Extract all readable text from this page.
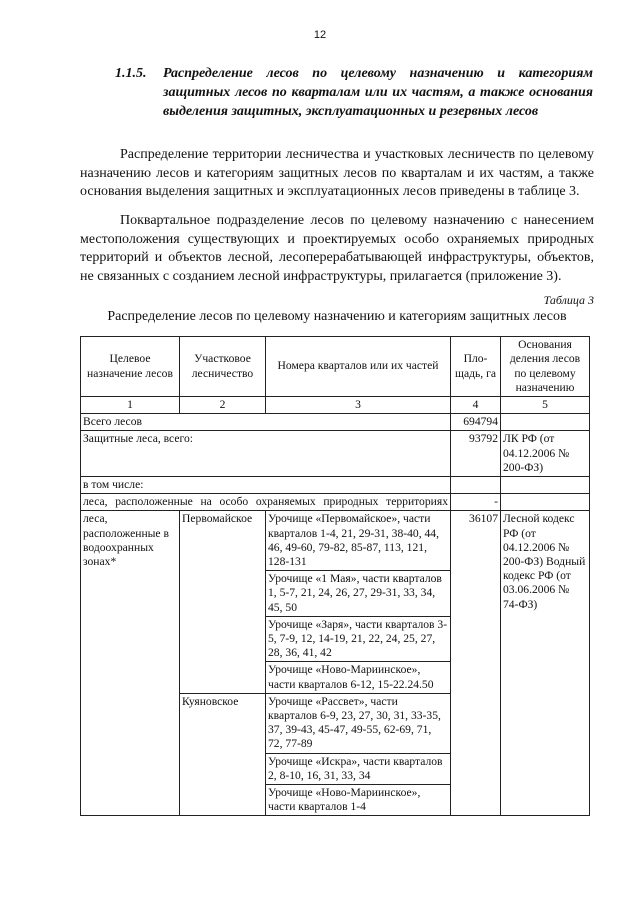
12
1.1.5. Распределение лесов по целевому назначению и категориям защитных лесов по кварталам или их частям, а также основания выделения защитных, эксплуатационных и резервных лесов

Распределение территории лесничества и участковых лесничеств по целевому назначению лесов и категориям защитных лесов по кварталам и их частям, а также основания выделения защитных и эксплуатационных лесов приведены в таблице 3.

Поквартальное подразделение лесов по целевому назначению с нанесением местоположения существующих и проектируемых особо охраняемых природных территорий и объектов лесной, лесоперерабатывающей инфраструктуры, объектов, не связанных с созданием лесной инфраструктуры, прилагается (приложение 3).

Таблица 3
Распределение лесов по целевому назначению и категориям защитных лесов
Целевое назначение лесов	Участковое лесничество	Номера кварталов или их частей	Пло-щадь, га	Основания деления лесов по целевому назначению
1	2	3	4	5
Всего лесов			694794	
Защитные леса, всего:			93792	ЛК РФ (от 04.12.2006 № 200-ФЗ)
в том числе:				
леса, расположенные на особо охраняемых природных территориях			-	
леса, расположенные в водоохранных зонах*	Первомайское	Урочище «Первомайское», части кварталов 1-4, 21, 29-31, 38-40, 44, 46, 49-60, 79-82, 85-87, 113, 121, 128-131	36107	Лесной кодекс РФ (от 04.12.2006 № 200-ФЗ) Водный кодекс РФ (от 03.06.2006 № 74-ФЗ)
		Урочище «1 Мая», части кварталов 1, 5-7, 21, 24, 26, 27, 29-31, 33, 34, 45, 50		
		Урочище «Заря», части кварталов 3-5, 7-9, 12, 14-19, 21, 22, 24, 25, 27, 28, 36, 41, 42		
		Урочище «Ново-Мариинское», части кварталов 6-12, 15-22.24.50		
	Куяновское	Урочище «Рассвет», части кварталов 6-9, 23, 27, 30, 31, 33-35, 37, 39-43, 45-47, 49-55, 62-69, 71, 72, 77-89		
		Урочище «Искра», части кварталов 2, 8-10, 16, 31, 33, 34		
		Урочище «Ново-Мариинское», части кварталов 1-4		
